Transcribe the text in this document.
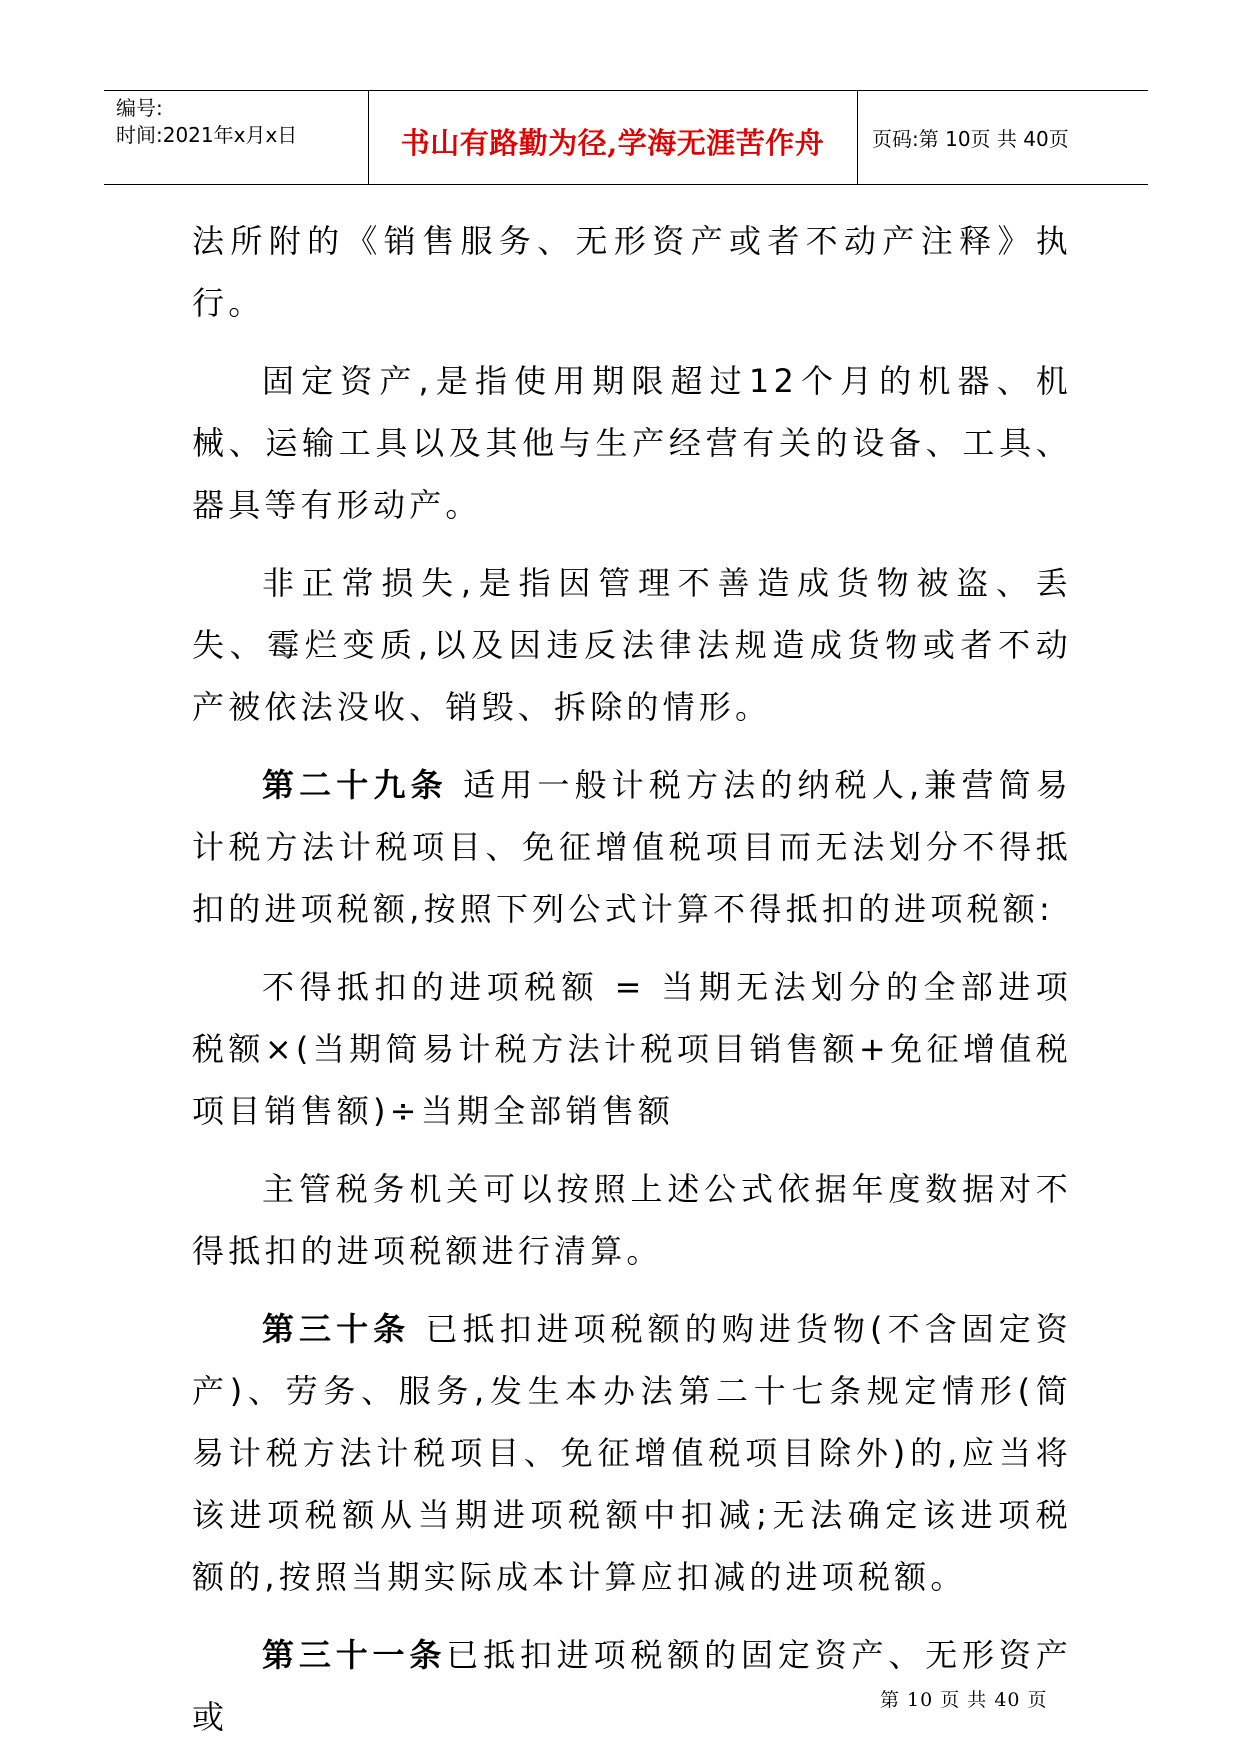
编号:
时间:2021年x月x日	书山有路勤为径,学海无涯苦作舟	页码:第 10页 共 40页

法所附的《销售服务、无形资产或者不动产注释》执行。

固定资产,是指使用期限超过12个月的机器、机械、运输工具以及其他与生产经营有关的设备、工具、器具等有形动产。

非正常损失,是指因管理不善造成货物被盗、丢失、霉烂变质,以及因违反法律法规造成货物或者不动产被依法没收、销毁、拆除的情形。

第二十九条 适用一般计税方法的纳税人,兼营简易计税方法计税项目、免征增值税项目而无法划分不得抵扣的进项税额,按照下列公式计算不得抵扣的进项税额:

不得抵扣的进项税额 = 当期无法划分的全部进项税额×(当期简易计税方法计税项目销售额+免征增值税项目销售额)÷当期全部销售额

主管税务机关可以按照上述公式依据年度数据对不得抵扣的进项税额进行清算。

第三十条 已抵扣进项税额的购进货物(不含固定资产)、劳务、服务,发生本办法第二十七条规定情形(简易计税方法计税项目、免征增值税项目除外)的,应当将该进项税额从当期进项税额中扣减;无法确定该进项税额的,按照当期实际成本计算应扣减的进项税额。

第三十一条已抵扣进项税额的固定资产、无形资产或	第 10 页 共 40 页
